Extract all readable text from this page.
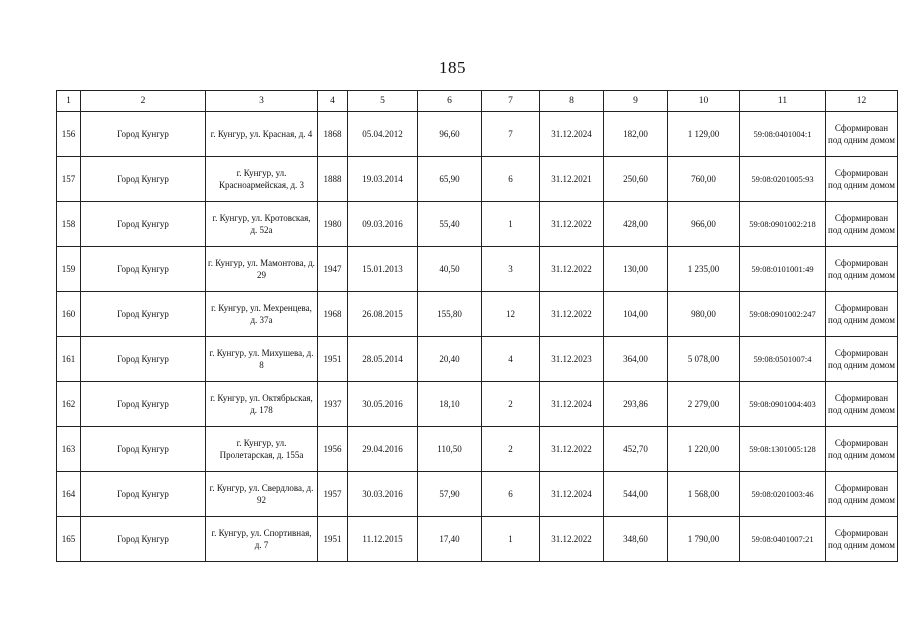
185
1	2	3	4	5	6	7	8	9	10	11	12
156	Город Кунгур	г. Кунгур, ул. Красная, д. 4	1868	05.04.2012	96,60	7	31.12.2024	182,00	1 129,00	59:08:0401004:1	Сформирован под одним домом
157	Город Кунгур	г. Кунгур, ул. Красноармейская, д. 3	1888	19.03.2014	65,90	6	31.12.2021	250,60	760,00	59:08:0201005:93	Сформирован под одним домом
158	Город Кунгур	г. Кунгур, ул. Кротовская, д. 52а	1980	09.03.2016	55,40	1	31.12.2022	428,00	966,00	59:08:0901002:218	Сформирован под одним домом
159	Город Кунгур	г. Кунгур, ул. Мамонтова, д. 29	1947	15.01.2013	40,50	3	31.12.2022	130,00	1 235,00	59:08:0101001:49	Сформирован под одним домом
160	Город Кунгур	г. Кунгур, ул. Мехренцева, д. 37а	1968	26.08.2015	155,80	12	31.12.2022	104,00	980,00	59:08:0901002:247	Сформирован под одним домом
161	Город Кунгур	г. Кунгур, ул. Михушева, д. 8	1951	28.05.2014	20,40	4	31.12.2023	364,00	5 078,00	59:08:0501007:4	Сформирован под одним домом
162	Город Кунгур	г. Кунгур, ул. Октябрьская, д. 178	1937	30.05.2016	18,10	2	31.12.2024	293,86	2 279,00	59:08:0901004:403	Сформирован под одним домом
163	Город Кунгур	г. Кунгур, ул. Пролетарская, д. 155а	1956	29.04.2016	110,50	2	31.12.2022	452,70	1 220,00	59:08:1301005:128	Сформирован под одним домом
164	Город Кунгур	г. Кунгур, ул. Свердлова, д. 92	1957	30.03.2016	57,90	6	31.12.2024	544,00	1 568,00	59:08:0201003:46	Сформирован под одним домом
165	Город Кунгур	г. Кунгур, ул. Спортивная, д. 7	1951	11.12.2015	17,40	1	31.12.2022	348,60	1 790,00	59:08:0401007:21	Сформирован под одним домом
